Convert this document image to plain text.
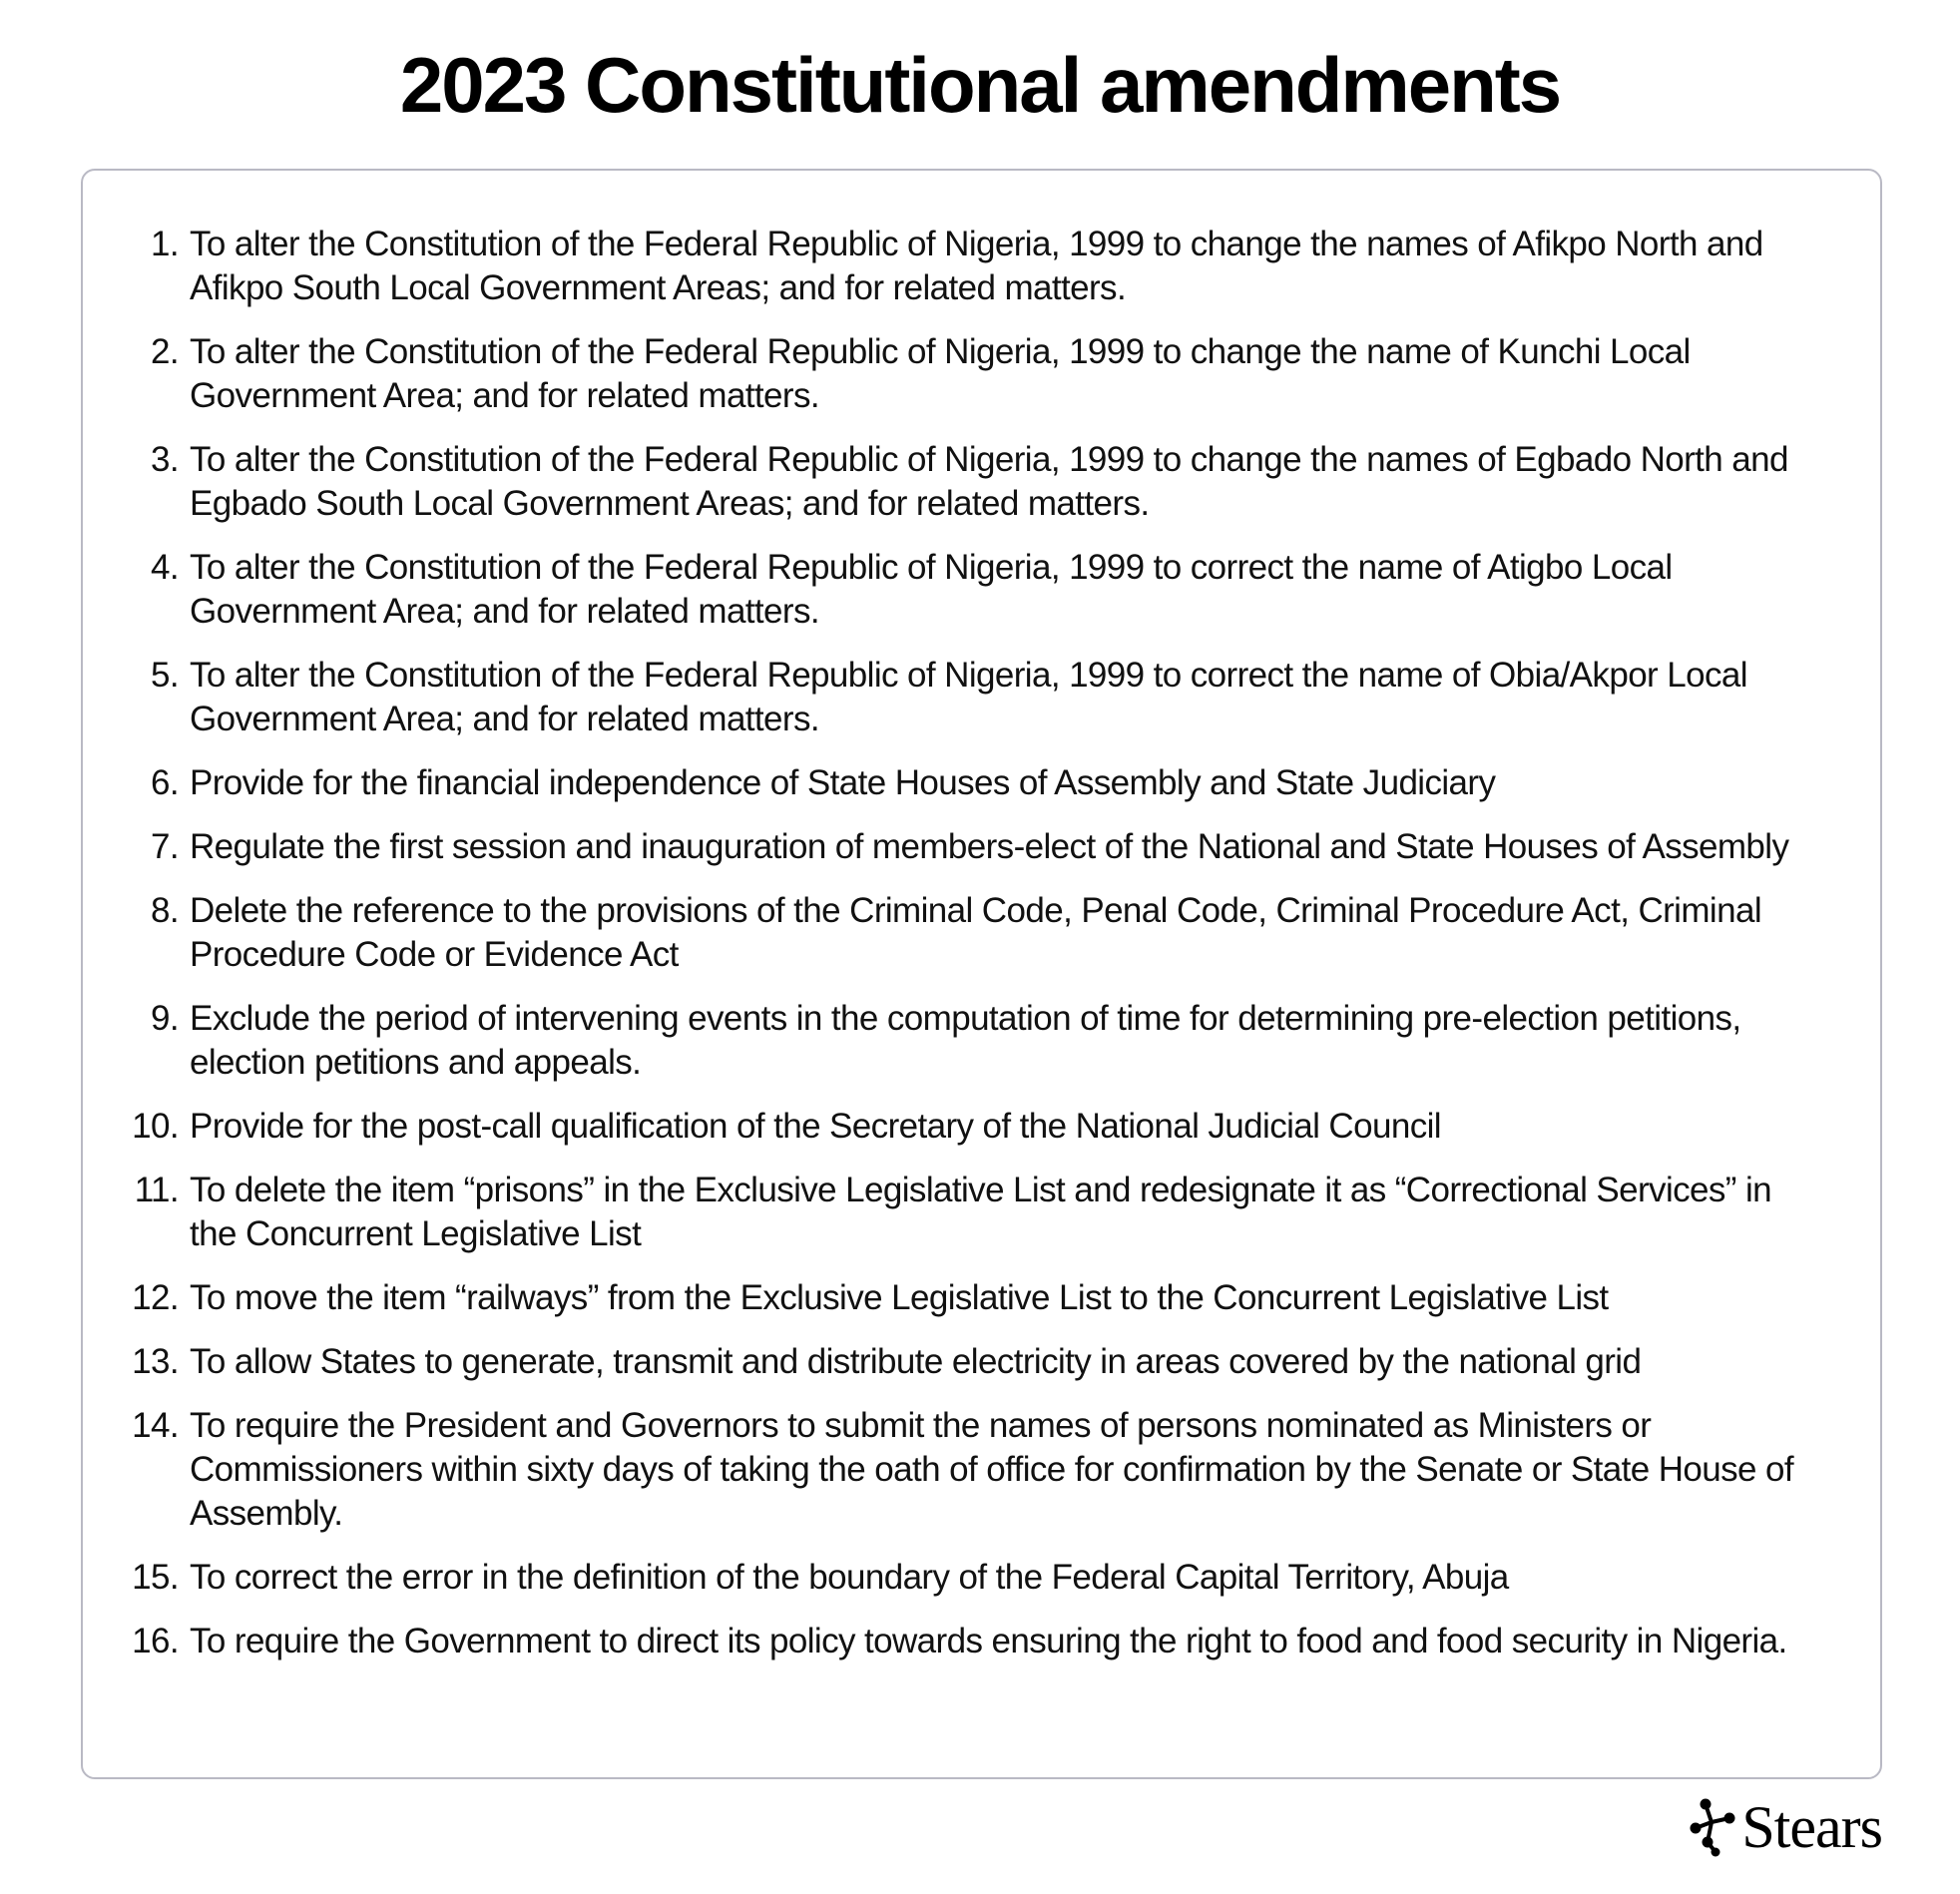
2023 Constitutional amendments
1. To alter the Constitution of the Federal Republic of Nigeria, 1999 to change the names of Afikpo North and Afikpo South Local Government Areas; and for related matters.
2. To alter the Constitution of the Federal Republic of Nigeria, 1999 to change the name of Kunchi Local Government Area; and for related matters.
3. To alter the Constitution of the Federal Republic of Nigeria, 1999 to change the names of Egbado North and Egbado South Local Government Areas; and for related matters.
4. To alter the Constitution of the Federal Republic of Nigeria, 1999 to correct the name of Atigbo Local Government Area; and for related matters.
5. To alter the Constitution of the Federal Republic of Nigeria, 1999 to correct the name of Obia/Akpor Local Government Area; and for related matters.
6. Provide for the financial independence of State Houses of Assembly and State Judiciary
7. Regulate the first session and inauguration of members-elect of the National and State Houses of Assembly
8. Delete the reference to the provisions of the Criminal Code, Penal Code, Criminal Procedure Act, Criminal Procedure Code or Evidence Act
9. Exclude the period of intervening events in the computation of time for determining pre-election petitions, election petitions and appeals.
10. Provide for the post-call qualification of the Secretary of the National Judicial Council
11. To delete the item “prisons” in the Exclusive Legislative List and redesignate it as “Correctional Services” in the Concurrent Legislative List
12. To move the item “railways” from the Exclusive Legislative List to the Concurrent Legislative List
13. To allow States to generate, transmit and distribute electricity in areas covered by the national grid
14. To require the President and Governors to submit the names of persons nominated as Ministers or Commissioners within sixty days of taking the oath of office for confirmation by the Senate or State House of Assembly.
15. To correct the error in the definition of the boundary of the Federal Capital Territory, Abuja
16. To require the Government to direct its policy towards ensuring the right to food and food security in Nigeria.
Stears
